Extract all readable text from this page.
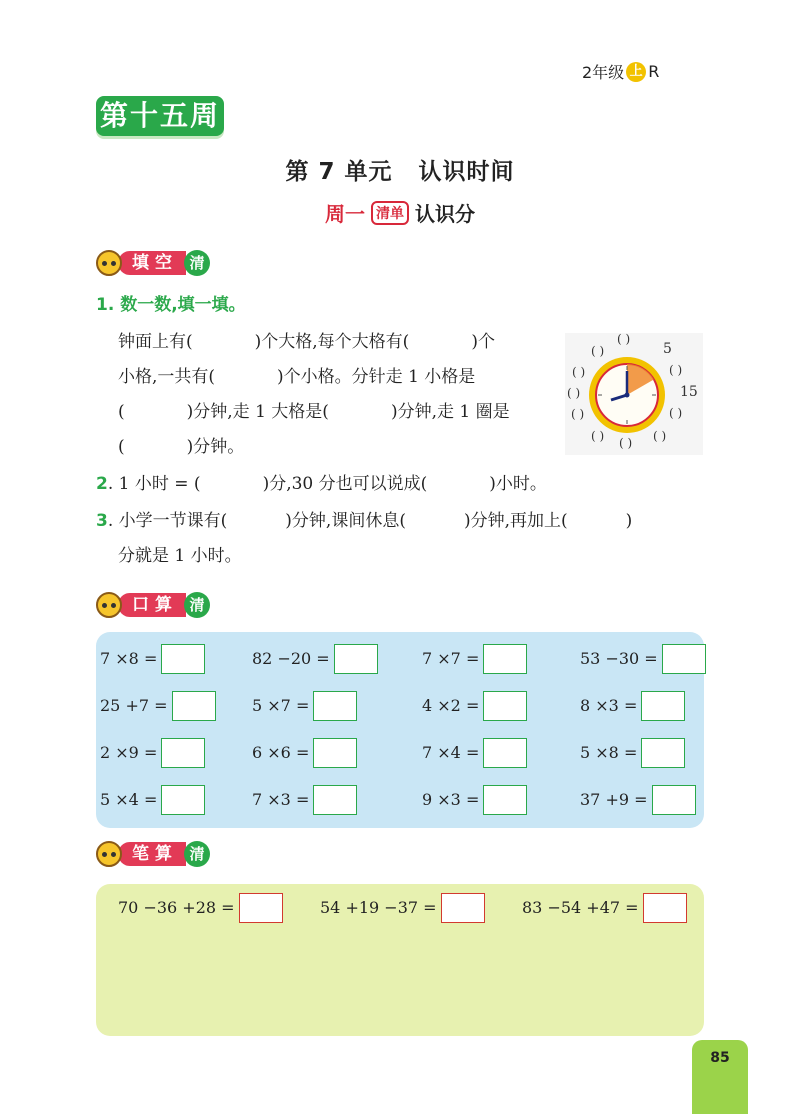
2年级 上 R
第十五周
第 7 单元 认识时间
周一 清单 认识分
填空 清
1. 数一数,填一填。
钟面上有(	)个大格,每个大格有(	)个
小格,一共有(	)个小格。分针走 1 小格是
(	)分钟,走 1 大格是(	)分钟,走 1 圈是
(	)分钟。
( )
( )	5
( )	( )
( )	15
( )	( )
( ) ( ) ( )
2. 1 小时 = (	)分,30 分也可以说成(	)小时。
3. 小学一节课有(	)分钟,课间休息(	)分钟,再加上(	)
分就是 1 小时。
口算 清
7 ×8 =	82 −20 =	7 ×7 =	53 −30 =
25 +7 =	5 ×7 =	4 ×2 =	8 ×3 =
2 ×9 =	6 ×6 =	7 ×4 =	5 ×8 =
5 ×4 =	7 ×3 =	9 ×3 =	37 +9 =
笔算 清
70 −36 +28 =	54 +19 −37 =	83 −54 +47 =
85
